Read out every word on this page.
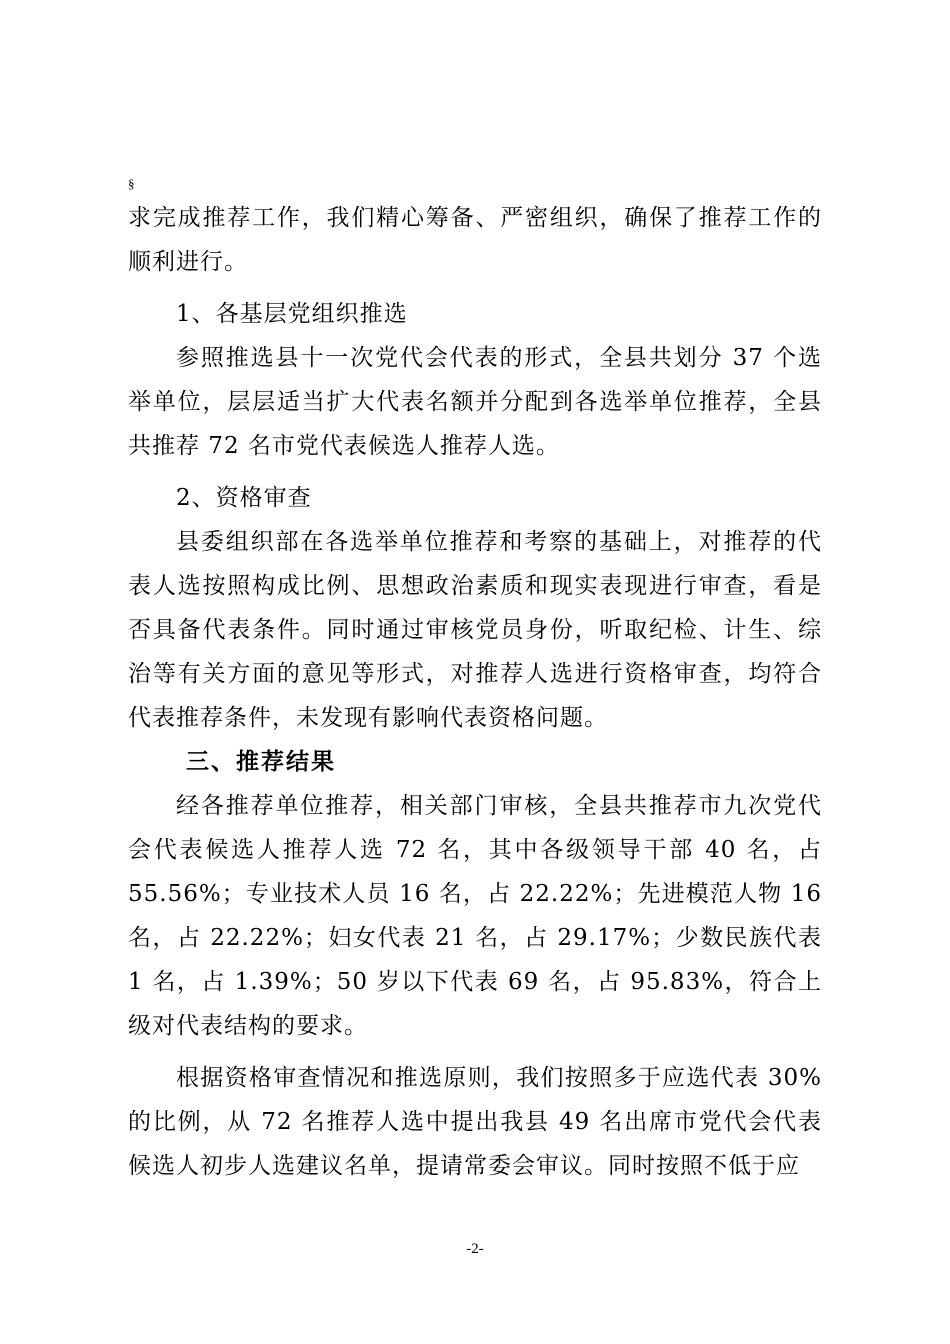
§

求完成推荐工作，我们精心筹备、严密组织，确保了推荐工作的顺利进行。

1、各基层党组织推选

参照推选县十一次党代会代表的形式，全县共划分 37 个选举单位，层层适当扩大代表名额并分配到各选举单位推荐，全县共推荐 72 名市党代表候选人推荐人选。

2、资格审查

县委组织部在各选举单位推荐和考察的基础上，对推荐的代表人选按照构成比例、思想政治素质和现实表现进行审查，看是否具备代表条件。同时通过审核党员身份，听取纪检、计生、综治等有关方面的意见等形式，对推荐人选进行资格审查，均符合代表推荐条件，未发现有影响代表资格问题。

三、推荐结果

经各推荐单位推荐，相关部门审核，全县共推荐市九次党代会代表候选人推荐人选 72 名，其中各级领导干部 40 名，占 55.56%；专业技术人员 16 名，占 22.22%；先进模范人物 16 名，占 22.22%；妇女代表 21 名，占 29.17%；少数民族代表 1 名，占 1.39%；50 岁以下代表 69 名，占 95.83%，符合上级对代表结构的要求。

根据资格审查情况和推选原则，我们按照多于应选代表 30% 的比例，从 72 名推荐人选中提出我县 49 名出席市党代会代表候选人初步人选建议名单，提请常委会审议。同时按照不低于应

-2-
